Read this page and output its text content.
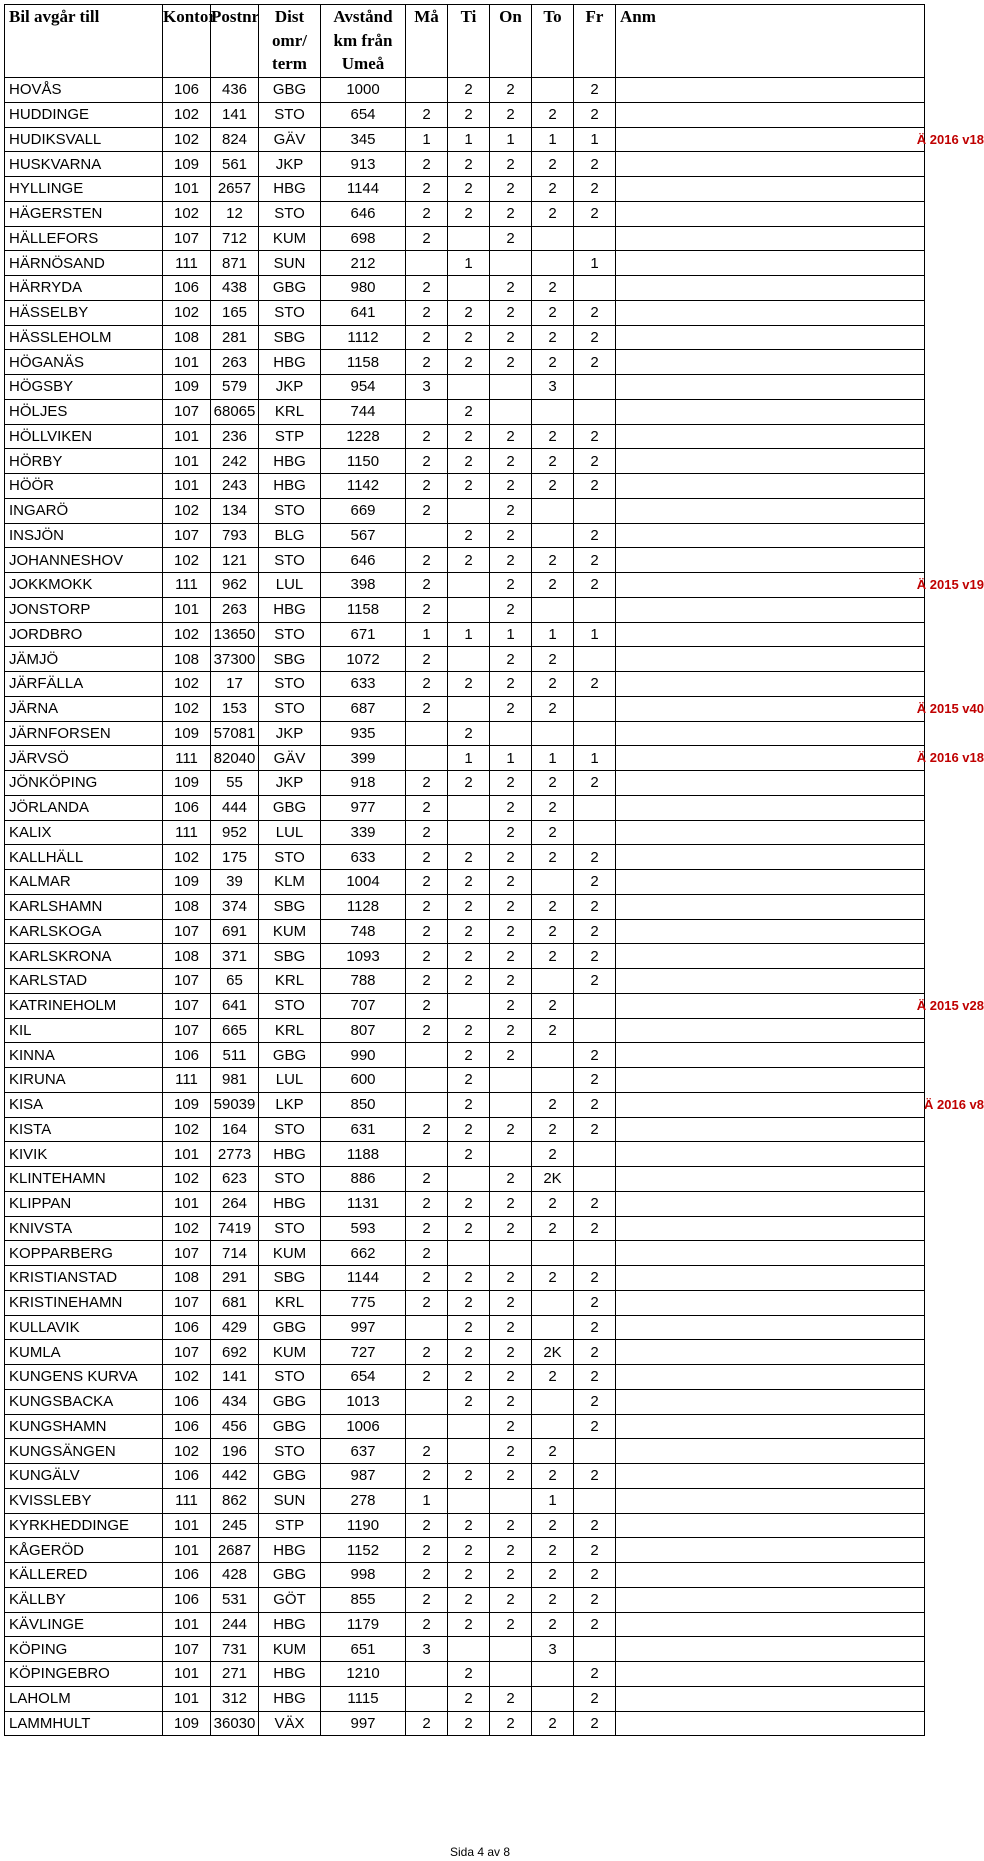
Bil avgår till	Kontor	Postnr	Dist omr/ term	Avstånd km från Umeå	Må	Ti	On	To	Fr	Anm
HOVÅS	106	436	GBG	1000		2	2		2	
HUDDINGE	102	141	STO	654	2	2	2	2	2	
HUDIKSVALL	102	824	GÄV	345	1	1	1	1	1	Ä 2016 v18

HUSKVARNA	109	561	JKP	913	2	2	2	2	2	
HYLLINGE	101	2657	HBG	1144	2	2	2	2	2	
HÄGERSTEN	102	12	STO	646	2	2	2	2	2	
HÄLLEFORS	107	712	KUM	698	2		2			
HÄRNÖSAND	111	871	SUN	212		1			1	
HÄRRYDA	106	438	GBG	980	2		2	2		
HÄSSELBY	102	165	STO	641	2	2	2	2	2	
HÄSSLEHOLM	108	281	SBG	1112	2	2	2	2	2	
HÖGANÄS	101	263	HBG	1158	2	2	2	2	2	
HÖGSBY	109	579	JKP	954	3			3		
HÖLJES	107	68065	KRL	744		2				
HÖLLVIKEN	101	236	STP	1228	2	2	2	2	2	
HÖRBY	101	242	HBG	1150	2	2	2	2	2	
HÖÖR	101	243	HBG	1142	2	2	2	2	2	
INGARÖ	102	134	STO	669	2		2			
INSJÖN	107	793	BLG	567		2	2		2	
JOHANNESHOV	102	121	STO	646	2	2	2	2	2	
JOKKMOKK	111	962	LUL	398	2		2	2	2	Ä 2015 v19

JONSTORP	101	263	HBG	1158	2		2			
JORDBRO	102	13650	STO	671	1	1	1	1	1	
JÄMJÖ	108	37300	SBG	1072	2		2	2		
JÄRFÄLLA	102	17	STO	633	2	2	2	2	2	
JÄRNA	102	153	STO	687	2		2	2		Ä 2015 v40

JÄRNFORSEN	109	57081	JKP	935		2				
JÄRVSÖ	111	82040	GÄV	399		1	1	1	1	Ä 2016 v18

JÖNKÖPING	109	55	JKP	918	2	2	2	2	2	
JÖRLANDA	106	444	GBG	977	2		2	2		
KALIX	111	952	LUL	339	2		2	2		
KALLHÄLL	102	175	STO	633	2	2	2	2	2	
KALMAR	109	39	KLM	1004	2	2	2		2	
KARLSHAMN	108	374	SBG	1128	2	2	2	2	2	
KARLSKOGA	107	691	KUM	748	2	2	2	2	2	
KARLSKRONA	108	371	SBG	1093	2	2	2	2	2	
KARLSTAD	107	65	KRL	788	2	2	2		2	
KATRINEHOLM	107	641	STO	707	2		2	2		Ä 2015 v28

KIL	107	665	KRL	807	2	2	2	2		
KINNA	106	511	GBG	990		2	2		2	
KIRUNA	111	981	LUL	600		2			2	
KISA	109	59039	LKP	850		2		2	2	Ä 2016 v8

KISTA	102	164	STO	631	2	2	2	2	2	
KIVIK	101	2773	HBG	1188		2		2		
KLINTEHAMN	102	623	STO	886	2		2	2K		
KLIPPAN	101	264	HBG	1131	2	2	2	2	2	
KNIVSTA	102	7419	STO	593	2	2	2	2	2	
KOPPARBERG	107	714	KUM	662	2					
KRISTIANSTAD	108	291	SBG	1144	2	2	2	2	2	
KRISTINEHAMN	107	681	KRL	775	2	2	2		2	
KULLAVIK	106	429	GBG	997		2	2		2	
KUMLA	107	692	KUM	727	2	2	2	2K	2	
KUNGENS KURVA	102	141	STO	654	2	2	2	2	2	
KUNGSBACKA	106	434	GBG	1013		2	2		2	
KUNGSHAMN	106	456	GBG	1006			2		2	
KUNGSÄNGEN	102	196	STO	637	2		2	2		
KUNGÄLV	106	442	GBG	987	2	2	2	2	2	
KVISSLEBY	111	862	SUN	278	1			1		
KYRKHEDDINGE	101	245	STP	1190	2	2	2	2	2	
KÅGERÖD	101	2687	HBG	1152	2	2	2	2	2	
KÄLLERED	106	428	GBG	998	2	2	2	2	2	
KÄLLBY	106	531	GÖT	855	2	2	2	2	2	
KÄVLINGE	101	244	HBG	1179	2	2	2	2	2	
KÖPING	107	731	KUM	651	3			3		
KÖPINGEBRO	101	271	HBG	1210		2			2	
LAHOLM	101	312	HBG	1115		2	2		2	
LAMMHULT	109	36030	VÄX	997	2	2	2	2	2	
Sida 4 av 8
